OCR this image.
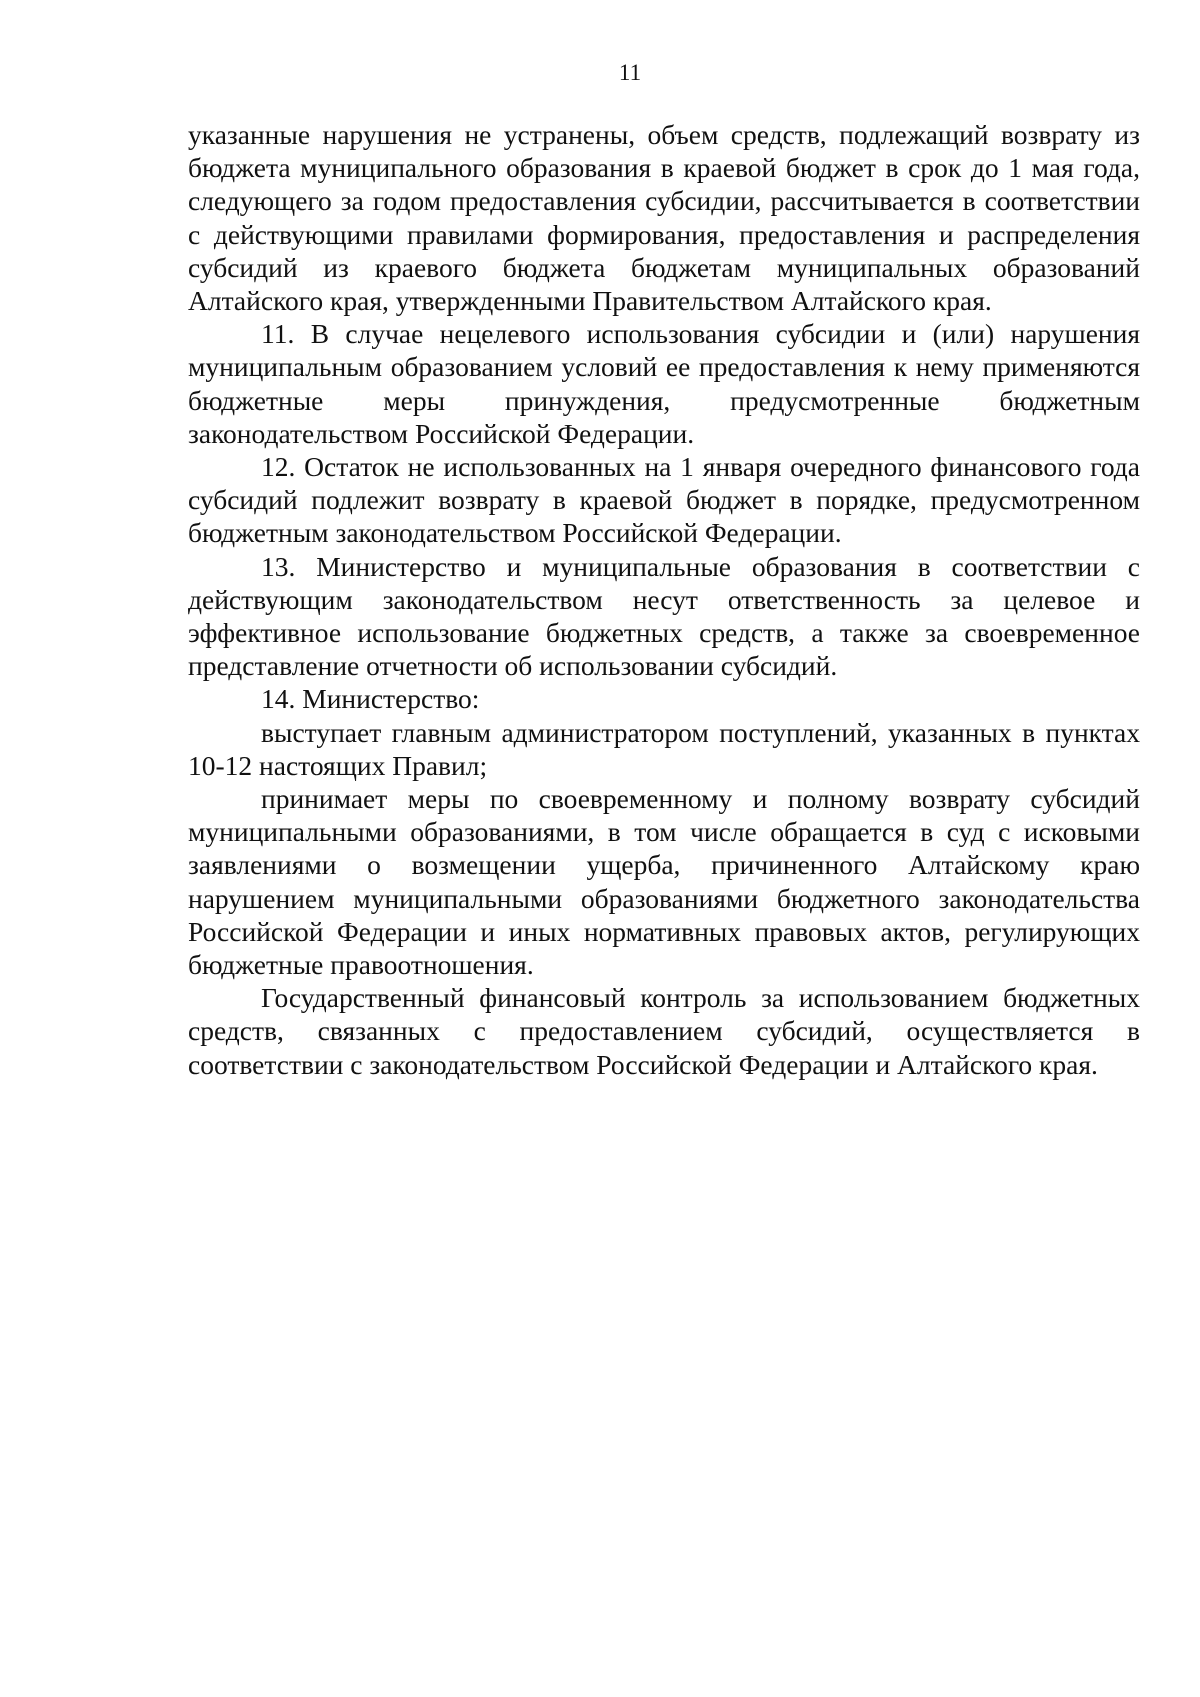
11

указанные нарушения не устранены, объем средств, подлежащий возврату из бюджета муниципального образования в краевой бюджет в срок до 1 мая года, следующего за годом предоставления субсидии, рассчитывается в соответствии с действующими правилами формирования, предоставления и распределения субсидий из краевого бюджета бюджетам муниципальных образований Алтайского края, утвержденными Правительством Алтайского края.

11. В случае нецелевого использования субсидии и (или) нарушения муниципальным образованием условий ее предоставления к нему применяются бюджетные меры принуждения, предусмотренные бюджетным законодательством Российской Федерации.

12. Остаток не использованных на 1 января очередного финансового года субсидий подлежит возврату в краевой бюджет в порядке, предусмотренном бюджетным законодательством Российской Федерации.

13. Министерство и муниципальные образования в соответствии с действующим законодательством несут ответственность за целевое и эффективное использование бюджетных средств, а также за своевременное представление отчетности об использовании субсидий.

14. Министерство:

выступает главным администратором поступлений, указанных в пунктах 10-12 настоящих Правил;

принимает меры по своевременному и полному возврату субсидий муниципальными образованиями, в том числе обращается в суд с исковыми заявлениями о возмещении ущерба, причиненного Алтайскому краю нарушением муниципальными образованиями бюджетного законодательства Российской Федерации и иных нормативных правовых актов, регулирующих бюджетные правоотношения.

Государственный финансовый контроль за использованием бюджетных средств, связанных с предоставлением субсидий, осуществляется в соответствии с законодательством Российской Федерации и Алтайского края.
